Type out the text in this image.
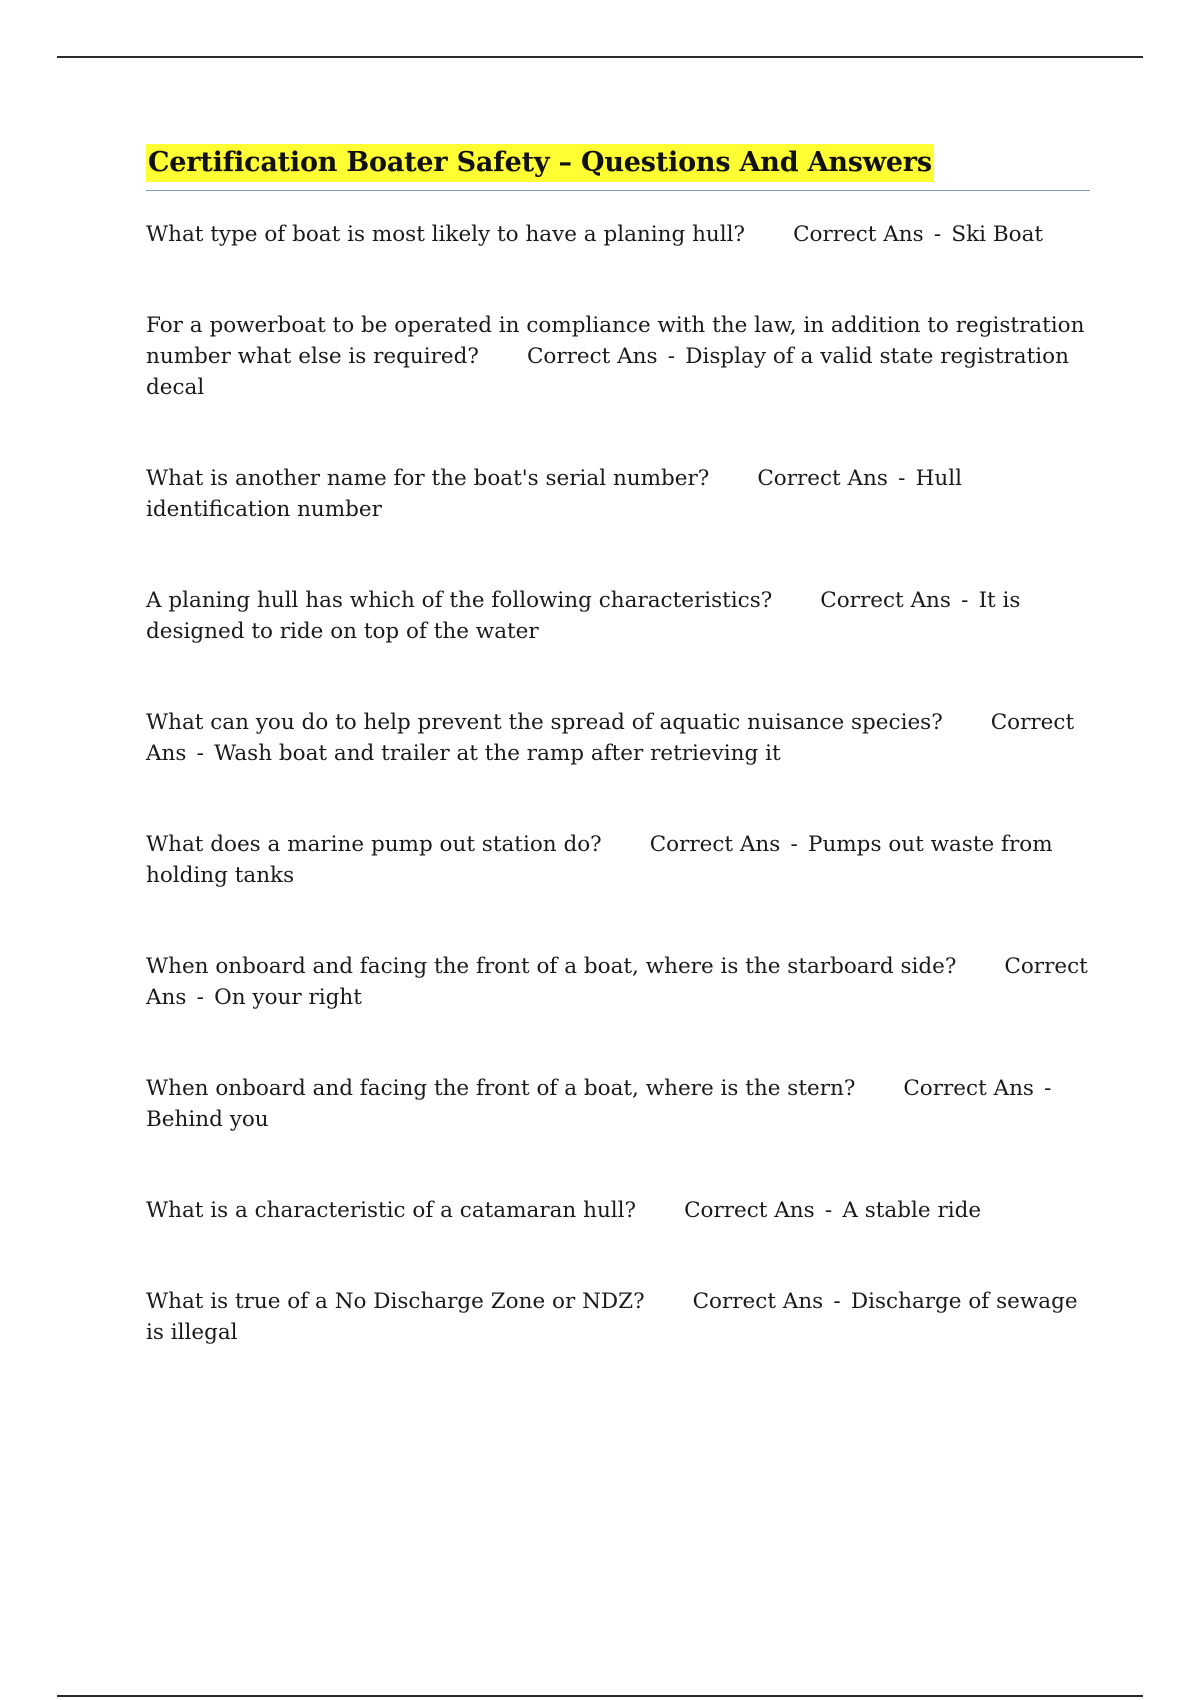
Certification Boater Safety – Questions And Answers

What type of boat is most likely to have a planing hull? Correct Ans - Ski Boat

For a powerboat to be operated in compliance with the law, in addition to registration number what else is required? Correct Ans - Display of a valid state registration decal

What is another name for the boat's serial number? Correct Ans - Hull identification number

A planing hull has which of the following characteristics? Correct Ans - It is designed to ride on top of the water

What can you do to help prevent the spread of aquatic nuisance species? Correct Ans - Wash boat and trailer at the ramp after retrieving it

What does a marine pump out station do? Correct Ans - Pumps out waste from holding tanks

When onboard and facing the front of a boat, where is the starboard side? Correct Ans - On your right

When onboard and facing the front of a boat, where is the stern? Correct Ans - Behind you

What is a characteristic of a catamaran hull? Correct Ans - A stable ride

What is true of a No Discharge Zone or NDZ? Correct Ans - Discharge of sewage is illegal
